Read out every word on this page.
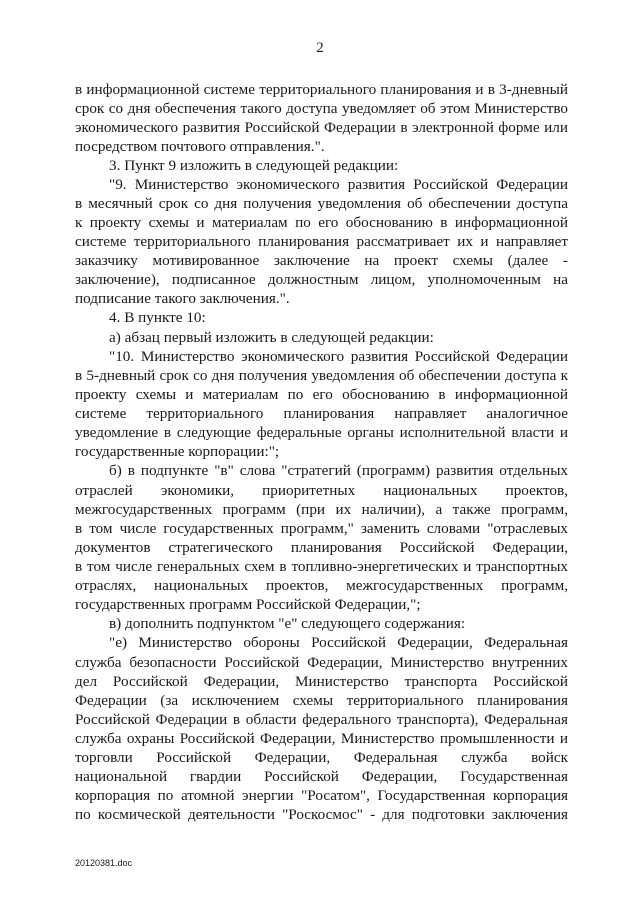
2
в информационной системе территориального планирования и в 3-дневный
срок со дня обеспечения такого доступа уведомляет об этом Министерство
экономического развития Российской Федерации в электронной форме или
посредством почтового отправления.".
3. Пункт 9 изложить в следующей редакции:
"9. Министерство экономического развития Российской Федерации
в месячный срок со дня получения уведомления об обеспечении доступа
к проекту схемы и материалам по его обоснованию в информационной
системе территориального планирования рассматривает их и направляет
заказчику мотивированное заключение на проект схемы (далее -
заключение), подписанное должностным лицом, уполномоченным на
подписание такого заключения.".
4. В пункте 10:
а) абзац первый изложить в следующей редакции:
"10. Министерство экономического развития Российской Федерации
в 5-дневный срок со дня получения уведомления об обеспечении доступа к
проекту схемы и материалам по его обоснованию в информационной
системе территориального планирования направляет аналогичное
уведомление в следующие федеральные органы исполнительной власти и
государственные корпорации:";
б) в подпункте "в" слова "стратегий (программ) развития отдельных
отраслей экономики, приоритетных национальных проектов,
межгосударственных программ (при их наличии), а также программ,
в том числе государственных программ," заменить словами "отраслевых
документов стратегического планирования Российской Федерации,
в том числе генеральных схем в топливно-энергетических и транспортных
отраслях, национальных проектов, межгосударственных программ,
государственных программ Российской Федерации,";
в) дополнить подпунктом "е" следующего содержания:
"е) Министерство обороны Российской Федерации, Федеральная
служба безопасности Российской Федерации, Министерство внутренних
дел Российской Федерации, Министерство транспорта Российской
Федерации (за исключением схемы территориального планирования
Российской Федерации в области федерального транспорта), Федеральная
служба охраны Российской Федерации, Министерство промышленности и
торговли Российской Федерации, Федеральная служба войск
национальной гвардии Российской Федерации, Государственная
корпорация по атомной энергии "Росатом", Государственная корпорация
по космической деятельности "Роскосмос" - для подготовки заключения
20120381.doc
